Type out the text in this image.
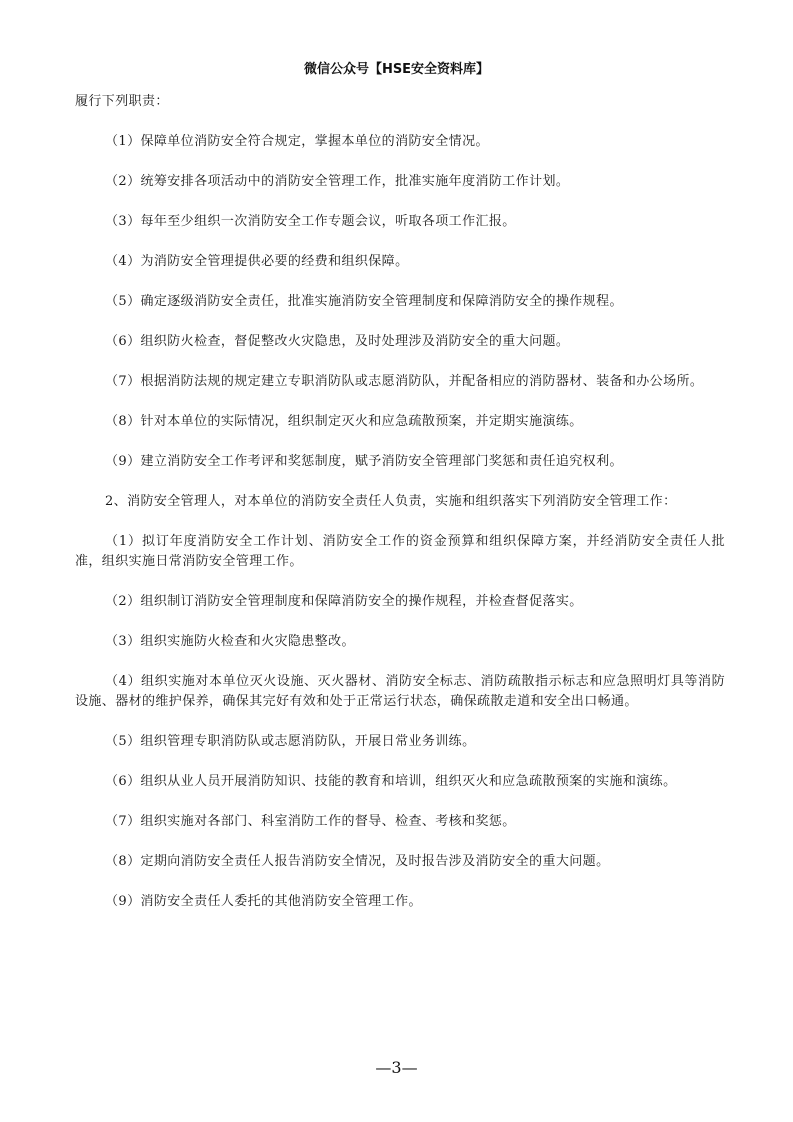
微信公众号【HSE安全资料库】

履行下列职责：

（1）保障单位消防安全符合规定，掌握本单位的消防安全情况。

（2）统筹安排各项活动中的消防安全管理工作，批准实施年度消防工作计划。

（3）每年至少组织一次消防安全工作专题会议，听取各项工作汇报。

（4）为消防安全管理提供必要的经费和组织保障。

（5）确定逐级消防安全责任，批准实施消防安全管理制度和保障消防安全的操作规程。

（6）组织防火检查，督促整改火灾隐患，及时处理涉及消防安全的重大问题。

（7）根据消防法规的规定建立专职消防队或志愿消防队，并配备相应的消防器材、装备和办公场所。

（8）针对本单位的实际情况，组织制定灭火和应急疏散预案，并定期实施演练。

（9）建立消防安全工作考评和奖惩制度，赋予消防安全管理部门奖惩和责任追究权利。

2、消防安全管理人，对本单位的消防安全责任人负责，实施和组织落实下列消防安全管理工作：

（1）拟订年度消防安全工作计划、消防安全工作的资金预算和组织保障方案，并经消防安全责任人批准，组织实施日常消防安全管理工作。

（2）组织制订消防安全管理制度和保障消防安全的操作规程，并检查督促落实。

（3）组织实施防火检查和火灾隐患整改。

（4）组织实施对本单位灭火设施、灭火器材、消防安全标志、消防疏散指示标志和应急照明灯具等消防设施、器材的维护保养，确保其完好有效和处于正常运行状态，确保疏散走道和安全出口畅通。

（5）组织管理专职消防队或志愿消防队，开展日常业务训练。

（6）组织从业人员开展消防知识、技能的教育和培训，组织灭火和应急疏散预案的实施和演练。

（7）组织实施对各部门、科室消防工作的督导、检查、考核和奖惩。

（8）定期向消防安全责任人报告消防安全情况，及时报告涉及消防安全的重大问题。

（9）消防安全责任人委托的其他消防安全管理工作。

—3—
